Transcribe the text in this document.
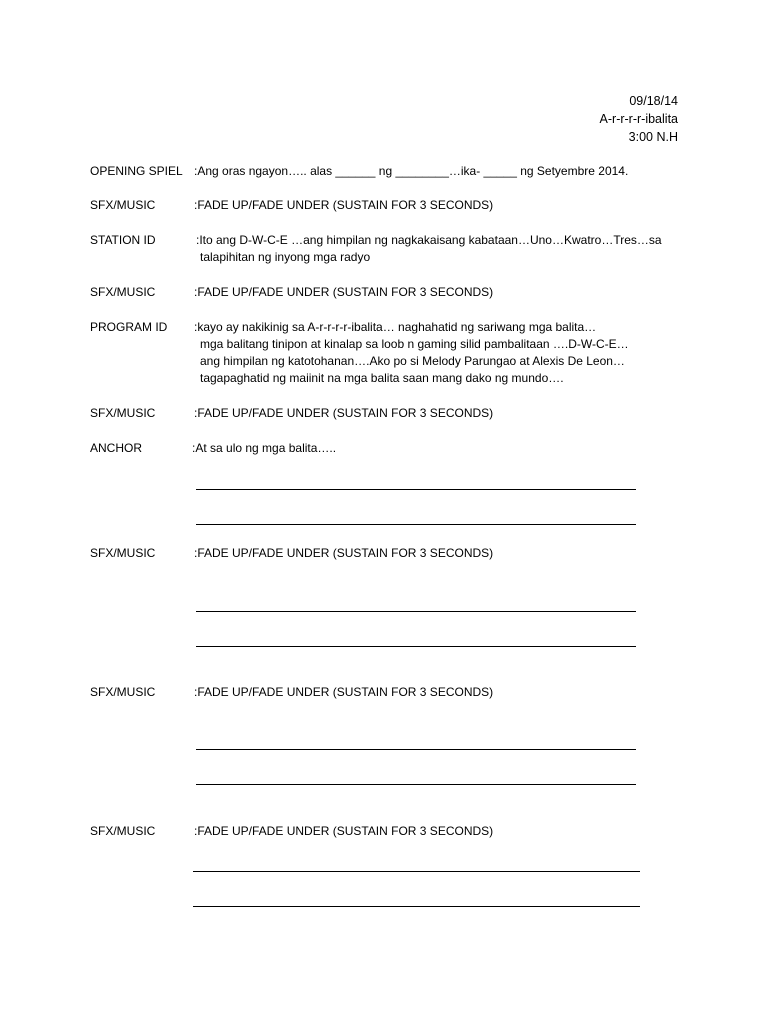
09/18/14
A-r-r-r-r-ibalita
3:00 N.H
OPENING SPIEL :Ang oras ngayon….. alas ______ ng ________…ika- _____ ng Setyembre 2014.
SFX/MUSIC	:FADE UP/FADE UNDER (SUSTAIN FOR 3 SECONDS)
STATION ID	:Ito ang D-W-C-E …ang himpilan ng nagkakaisang kabataan…Uno…Kwatro…Tres…sa
talapihitan ng inyong mga radyo
SFX/MUSIC	:FADE UP/FADE UNDER (SUSTAIN FOR 3 SECONDS)
PROGRAM ID	:kayo ay nakikinig sa A-r-r-r-r-ibalita… naghahatid ng sariwang mga balita…
mga balitang tinipon at kinalap sa loob n gaming silid pambalitaan ….D-W-C-E…
ang himpilan ng katotohanan….Ako po si Melody Parungao at Alexis De Leon…
tagapaghatid ng maiinit na mga balita saan mang dako ng mundo….
SFX/MUSIC	:FADE UP/FADE UNDER (SUSTAIN FOR 3 SECONDS)
ANCHOR	:At sa ulo ng mga balita…..
SFX/MUSIC	:FADE UP/FADE UNDER (SUSTAIN FOR 3 SECONDS)
SFX/MUSIC	:FADE UP/FADE UNDER (SUSTAIN FOR 3 SECONDS)
SFX/MUSIC	:FADE UP/FADE UNDER (SUSTAIN FOR 3 SECONDS)
